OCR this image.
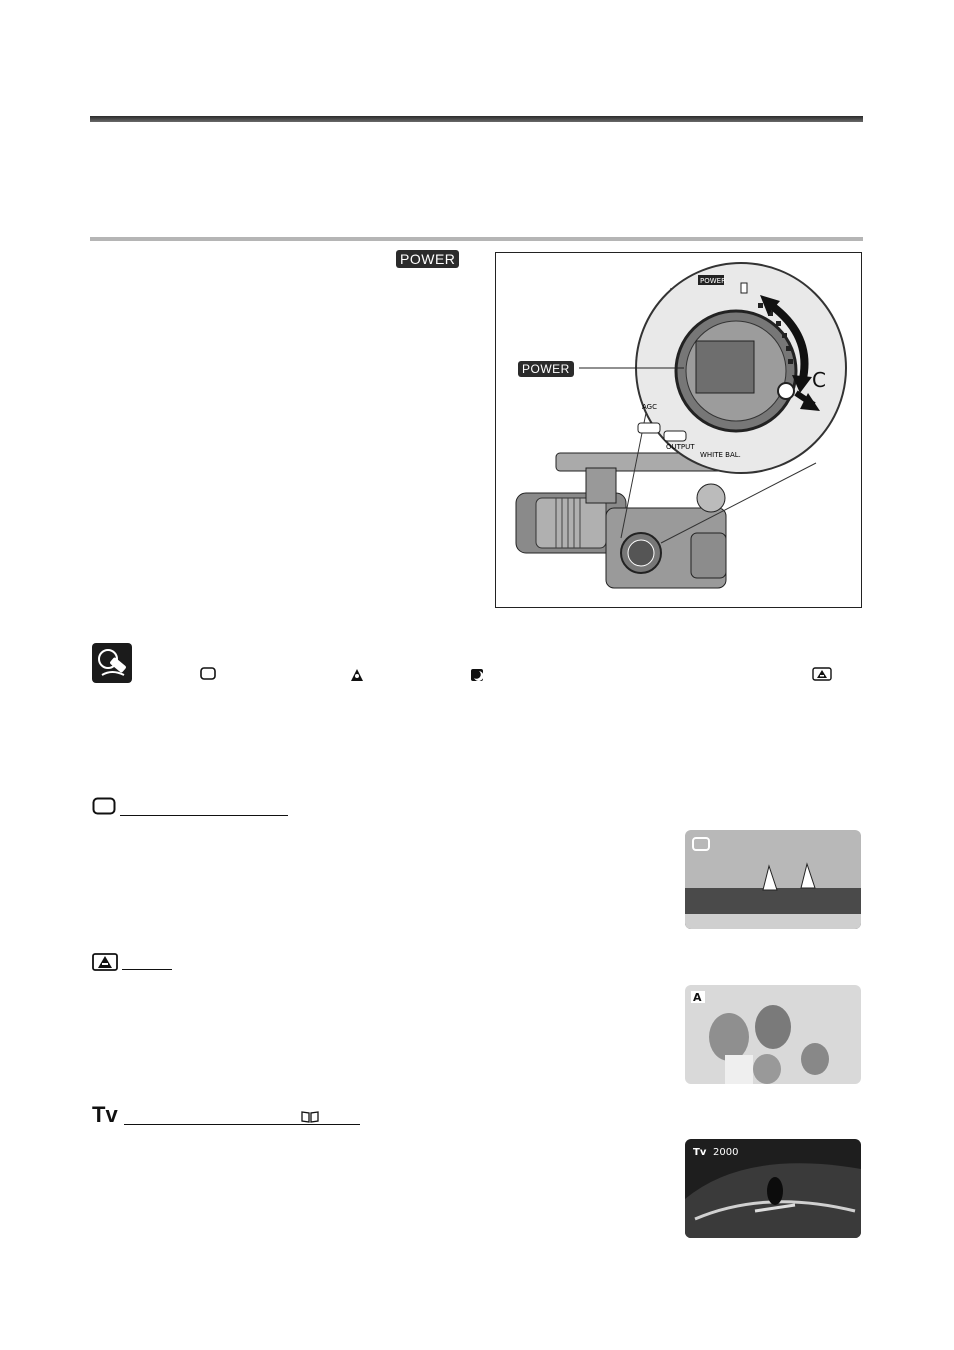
POWER
C
POWER
AGC
OUTPUT
WHITE BAL.
POWER
A
Tv
Tv 2000
